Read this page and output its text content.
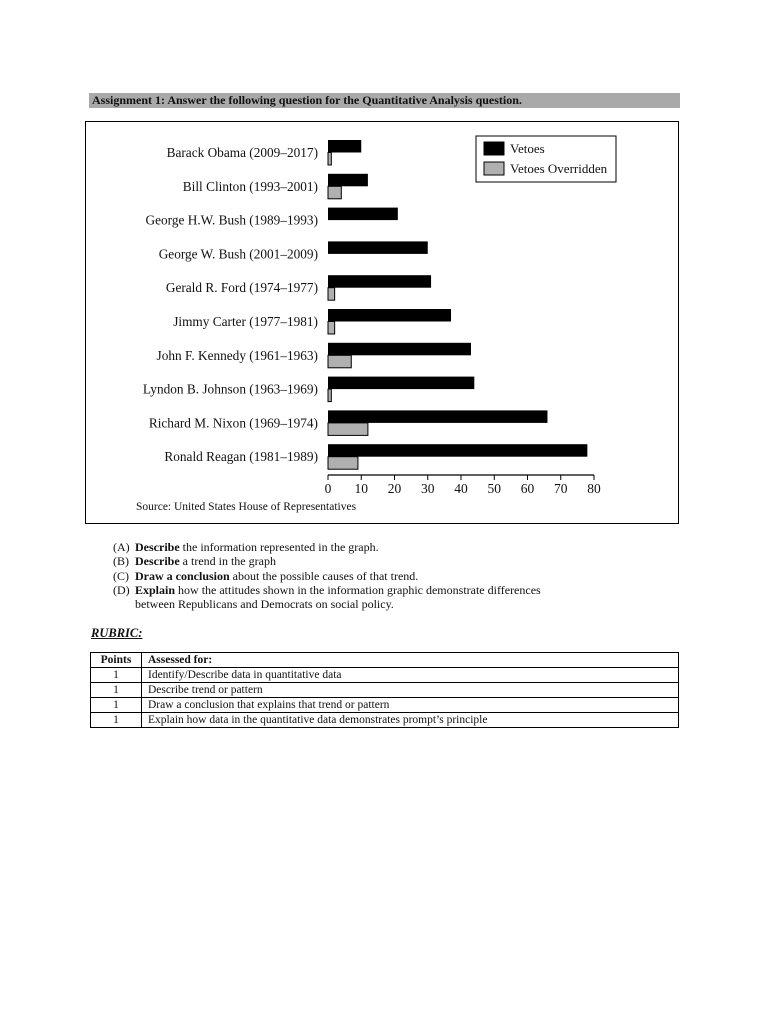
Assignment 1: Answer the following question for the Quantitative Analysis question.
Barack Obama (2009–2017)
Bill Clinton (1993–2001)
George H.W. Bush (1989–1993)
George W. Bush (2001–2009)
Gerald R. Ford (1974–1977)
Jimmy Carter (1977–1981)
John F. Kennedy (1961–1963)
Lyndon B. Johnson (1963–1969)
Richard M. Nixon (1969–1974)
Ronald Reagan (1981–1989)
0 10 20 30 40 50 60 70 80
Vetoes
Vetoes Overridden
Source: United States House of Representatives
(A) Describe the information represented in the graph.
(B) Describe a trend in the graph
(C) Draw a conclusion about the possible causes of that trend.
(D) Explain how the attitudes shown in the information graphic demonstrate differences
between Republicans and Democrats on social policy.
RUBRIC:
Points	Assessed for:
1	Identify/Describe data in quantitative data
1	Describe trend or pattern
1	Draw a conclusion that explains that trend or pattern
1	Explain how data in the quantitative data demonstrates prompt’s principle
